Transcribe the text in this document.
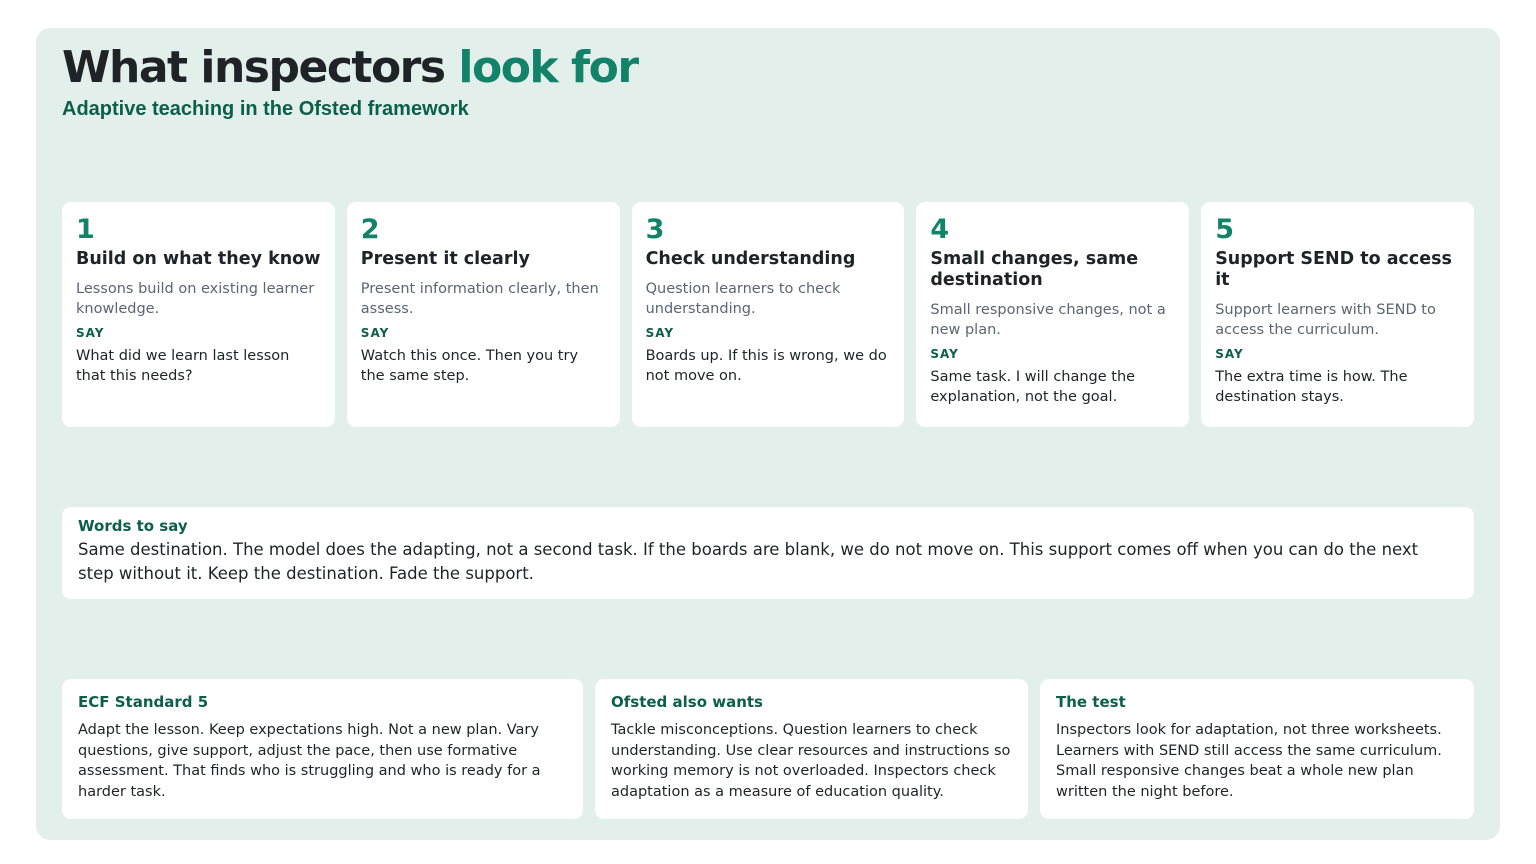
What inspectors look for

Adaptive teaching in the Ofsted framework

1

Build on what they know

Lessons build on existing learner knowledge.

SAY

What did we learn last lesson that this needs?

2

Present it clearly

Present information clearly, then assess.

SAY

Watch this once. Then you try the same step.

3

Check understanding

Question learners to check understanding.

SAY

Boards up. If this is wrong, we do not move on.

4

Small changes, same destination

Small responsive changes, not a new plan.

SAY

Same task. I will change the explanation, not the goal.

5

Support SEND to access it

Support learners with SEND to access the curriculum.

SAY

The extra time is how. The destination stays.

Words to say

Same destination. The model does the adapting, not a second task. If the boards are blank, we do not move on. This support comes off when you can do the next step without it. Keep the destination. Fade the support.

ECF Standard 5

Adapt the lesson. Keep expectations high. Not a new plan. Vary questions, give support, adjust the pace, then use formative assessment. That finds who is struggling and who is ready for a harder task.

Ofsted also wants

Tackle misconceptions. Question learners to check understanding. Use clear resources and instructions so working memory is not overloaded. Inspectors check adaptation as a measure of education quality.

The test

Inspectors look for adaptation, not three worksheets. Learners with SEND still access the same curriculum. Small responsive changes beat a whole new plan written the night before.
